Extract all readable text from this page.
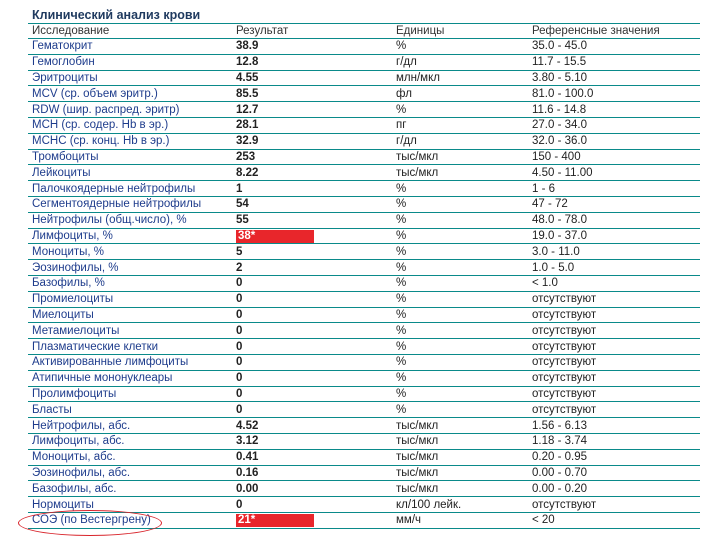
Клинический анализ крови
Исследование	Результат	Единицы	Референсные значения
Гематокрит	38.9	%	35.0 - 45.0
Гемоглобин	12.8	г/дл	11.7 - 15.5
Эритроциты	4.55	млн/мкл	3.80 - 5.10
MCV (ср. объем эритр.)	85.5	фл	81.0 - 100.0
RDW (шир. распред. эритр)	12.7	%	11.6 - 14.8
MCH (ср. содер. Hb в эр.)	28.1	пг	27.0 - 34.0
MCHC (ср. конц. Hb в эр.)	32.9	г/дл	32.0 - 36.0
Тромбоциты	253	тыс/мкл	150 - 400
Лейкоциты	8.22	тыс/мкл	4.50 - 11.00
Палочкоядерные нейтрофилы	1	%	1 - 6
Сегментоядерные нейтрофилы	54	%	47 - 72
Нейтрофилы (общ.число), %	55	%	48.0 - 78.0
Лимфоциты, %	38*	%	19.0 - 37.0
Моноциты, %	5	%	3.0 - 11.0
Эозинофилы, %	2	%	1.0 - 5.0
Базофилы, %	0	%	< 1.0
Промиелоциты	0	%	отсутствуют
Миелоциты	0	%	отсутствуют
Метамиелоциты	0	%	отсутствуют
Плазматические клетки	0	%	отсутствуют
Активированные лимфоциты	0	%	отсутствуют
Атипичные мононуклеары	0	%	отсутствуют
Пролимфоциты	0	%	отсутствуют
Бласты	0	%	отсутствуют
Нейтрофилы, абс.	4.52	тыс/мкл	1.56 - 6.13
Лимфоциты, абс.	3.12	тыс/мкл	1.18 - 3.74
Моноциты, абс.	0.41	тыс/мкл	0.20 - 0.95
Эозинофилы, абс.	0.16	тыс/мкл	0.00 - 0.70
Базофилы, абс.	0.00	тыс/мкл	0.00 - 0.20
Нормоциты	0	кл/100 лейк.	отсутствуют
СОЭ (по Вестергрену)	21*	мм/ч	< 20
